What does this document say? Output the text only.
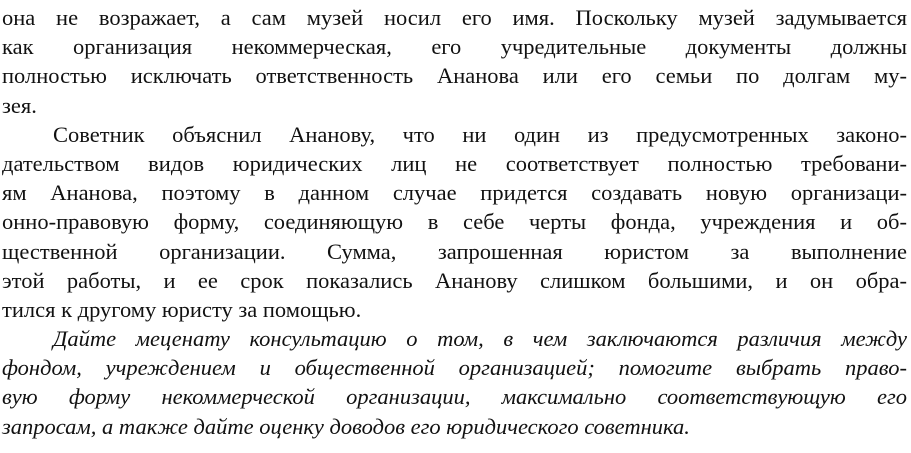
она не возражает, а сам музей носил его имя. Поскольку музей задумывается
как организация некоммерческая, его учредительные документы должны
полностью исключать ответственность Ананова или его семьи по долгам му-
зея.
Советник объяснил Ананову, что ни один из предусмотренных законо-
дательством видов юридических лиц не соответствует полностью требовани-
ям Ананова, поэтому в данном случае придется создавать новую организаци-
онно-правовую форму, соединяющую в себе черты фонда, учреждения и об-
щественной организации. Сумма, запрошенная юристом за выполнение
этой работы, и ее срок показались Ананову слишком большими, и он обра-
тился к другому юристу за помощью.
Дайте меценату консультацию о том, в чем заключаются различия между
фондом, учреждением и общественной организацией; помогите выбрать право-
вую форму некоммерческой организации, максимально соответствующую его
запросам, а также дайте оценку доводов его юридического советника.
